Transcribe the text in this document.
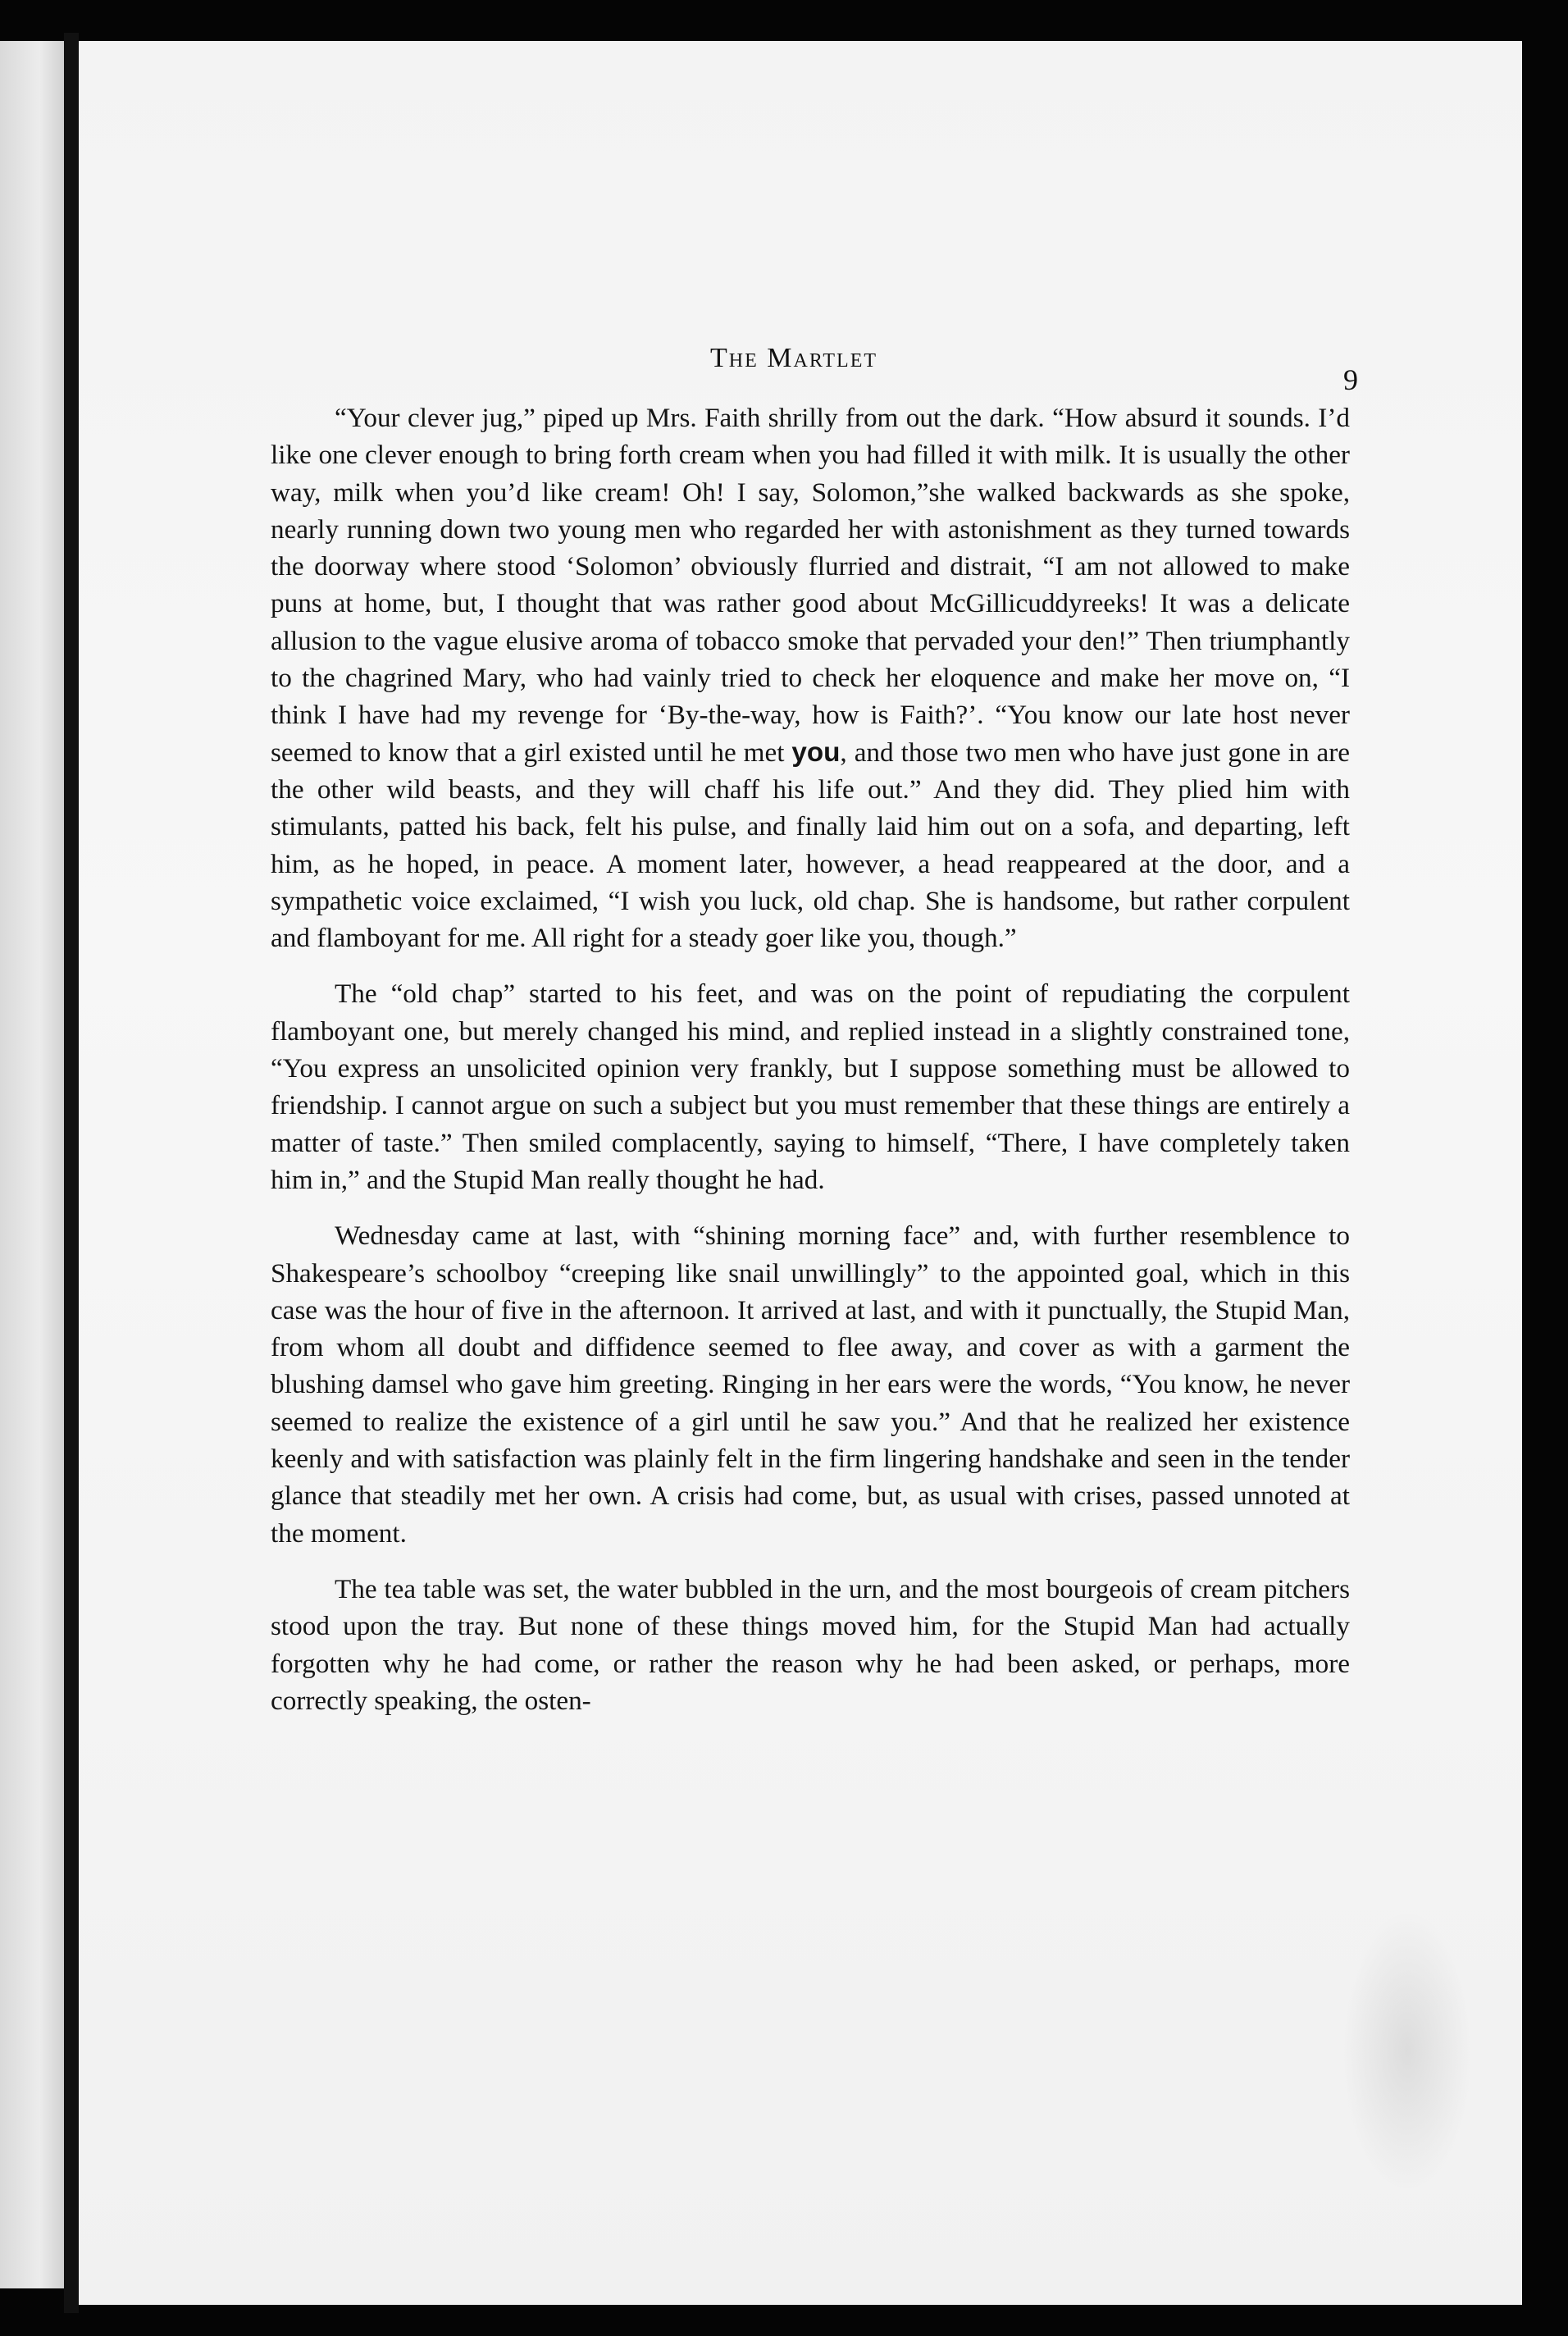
The Martlet
9

“Your clever jug,” piped up Mrs. Faith shrilly from out the dark. “How absurd it sounds. I’d like one clever enough to bring forth cream when you had filled it with milk. It is usually the other way, milk when you’d like cream! Oh! I say, Solomon,”she walked backwards as she spoke, nearly running down two young men who regarded her with astonishment as they turned towards the doorway where stood ‘Solomon’ obviously flurried and distrait, “I am not allowed to make puns at home, but, I thought that was rather good about McGillicuddyreeks! It was a delicate allusion to the vague elusive aroma of tobacco smoke that pervaded your den!” Then triumphantly to the chagrined Mary, who had vainly tried to check her eloquence and make her move on, “I think I have had my revenge for ‘By-the-way, how is Faith?’. “You know our late host never seemed to know that a girl existed until he met you, and those two men who have just gone in are the other wild beasts, and they will chaff his life out.” And they did. They plied him with stimulants, patted his back, felt his pulse, and finally laid him out on a sofa, and departing, left him, as he hoped, in peace. A moment later, however, a head reappeared at the door, and a sympathetic voice exclaimed, “I wish you luck, old chap. She is handsome, but rather corpulent and flamboyant for me. All right for a steady goer like you, though.”

The “old chap” started to his feet, and was on the point of repudiating the corpulent flamboyant one, but merely changed his mind, and replied instead in a slightly constrained tone, “You express an unsolicited opinion very frankly, but I suppose something must be allowed to friendship. I cannot argue on such a subject but you must remember that these things are entirely a matter of taste.” Then smiled complacently, saying to himself, “There, I have completely taken him in,” and the Stupid Man really thought he had.

Wednesday came at last, with “shining morning face” and, with further resemblence to Shakespeare’s schoolboy “creeping like snail unwillingly” to the appointed goal, which in this case was the hour of five in the afternoon. It arrived at last, and with it punctually, the Stupid Man, from whom all doubt and diffidence seemed to flee away, and cover as with a garment the blushing damsel who gave him greeting. Ringing in her ears were the words, “You know, he never seemed to realize the existence of a girl until he saw you.” And that he realized her existence keenly and with satisfaction was plainly felt in the firm lingering handshake and seen in the tender glance that steadily met her own. A crisis had come, but, as usual with crises, passed unnoted at the moment.

The tea table was set, the water bubbled in the urn, and the most bourgeois of cream pitchers stood upon the tray. But none of these things moved him, for the Stupid Man had actually forgotten why he had come, or rather the reason why he had been asked, or perhaps, more correctly speaking, the osten-
